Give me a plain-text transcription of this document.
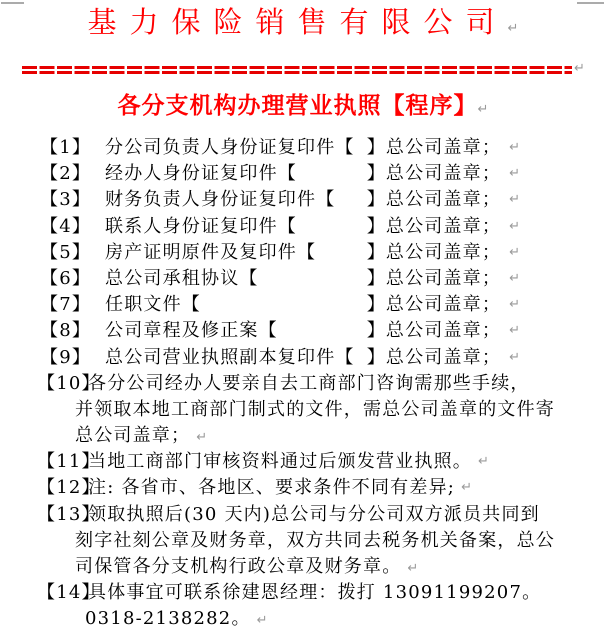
基力保险销售有限公司↵
↵
各分支机构办理营业执照【程序】↵
【1】 分公司负责人身份证复印件【 】总公司盖章； ↵
【2】 经办人身份证复印件【	】总公司盖章； ↵
【3】 财务负责人身份证复印件【 】总公司盖章； ↵
【4】 联系人身份证复印件【	】总公司盖章； ↵
【5】 房产证明原件及复印件【	】总公司盖章； ↵
【6】 总公司承租协议【	】总公司盖章； ↵
【7】 任职文件【	】总公司盖章； ↵
【8】 公司章程及修正案【	】总公司盖章； ↵
【9】 总公司营业执照副本复印件【 】总公司盖章； ↵
【10】
各分公司经办人要亲自去工商部门咨询需那些手续，
并领取本地工商部门制式的文件，需总公司盖章的文件寄
总公司盖章； ↵
【11】
当地工商部门审核资料通过后颁发营业执照。 ↵
【12】
注: 各省市、各地区、要求条件不同有差异; ↵
【13】
领取执照后(30 天内)总公司与分公司双方派员共同到
刻字社刻公章及财务章，双方共同去税务机关备案，总公
司保管各分支机构行政公章及财务章。 ↵
【14】
具体事宜可联系徐建恩经理：拨打 13091199207。
0318-2138282。 ↵
